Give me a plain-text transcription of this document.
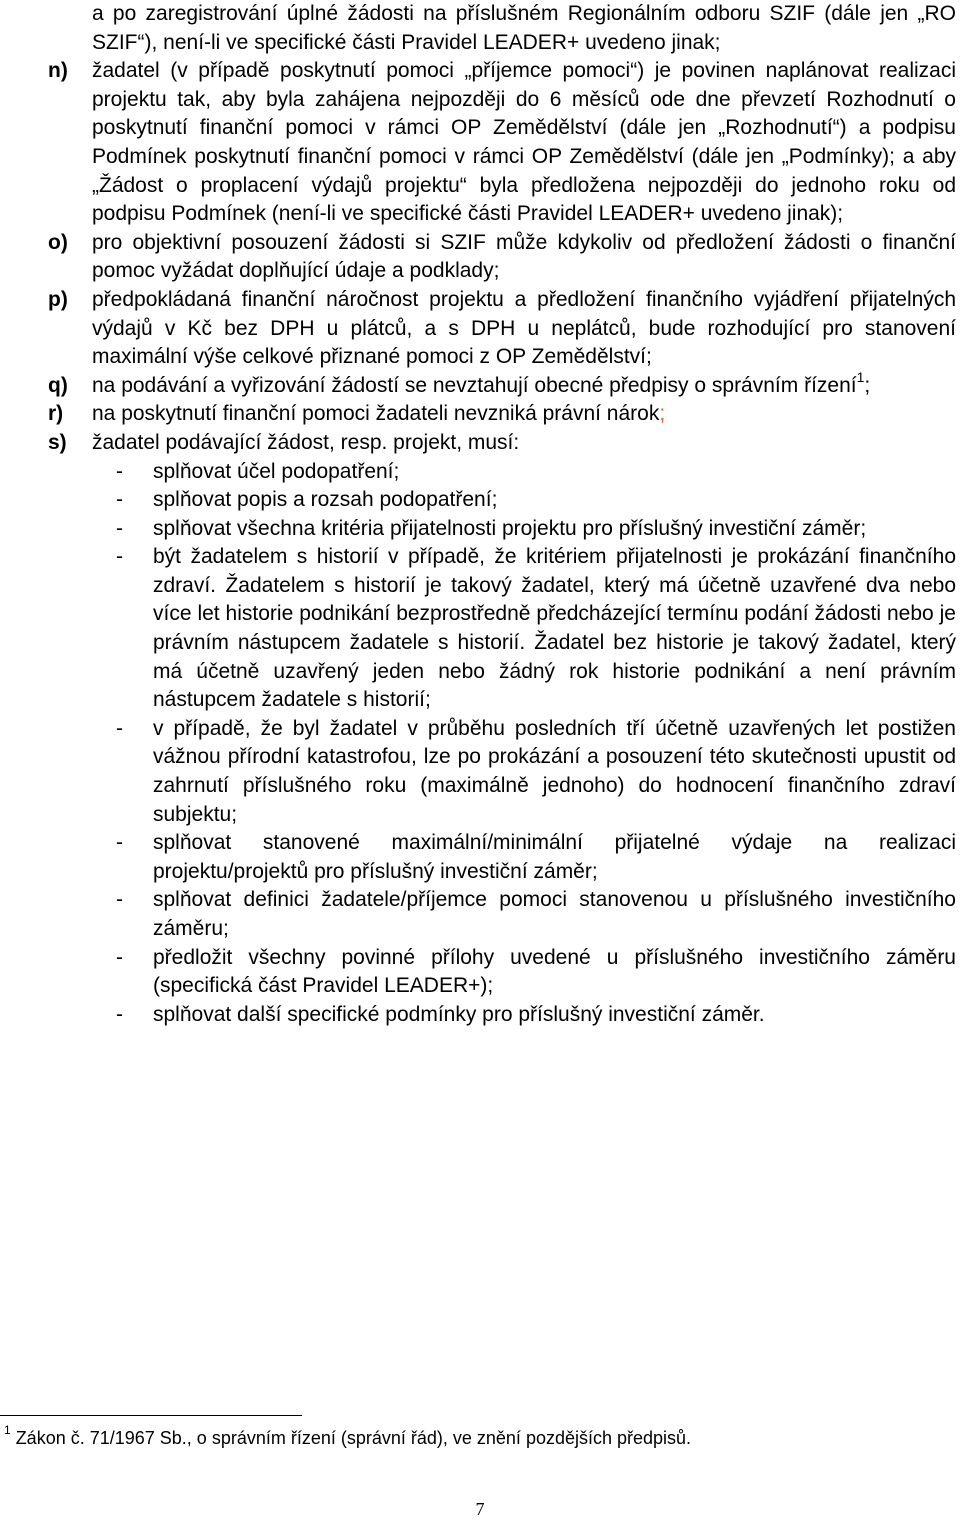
a po zaregistrování úplné žádosti na příslušném Regionálním odboru SZIF (dále jen „RO SZIF“), není-li ve specifické části Pravidel LEADER+ uvedeno jinak;
n) žadatel (v případě poskytnutí pomoci „příjemce pomoci“) je povinen naplánovat realizaci projektu tak, aby byla zahájena nejpozději do 6 měsíců ode dne převzetí Rozhodnutí o poskytnutí finanční pomoci v rámci OP Zemědělství (dále jen „Rozhodnutí“) a podpisu Podmínek poskytnutí finanční pomoci v rámci OP Zemědělství (dále jen „Podmínky); a aby „Žádost o proplacení výdajů projektu“ byla předložena nejpozději do jednoho roku od podpisu Podmínek (není-li ve specifické části Pravidel LEADER+ uvedeno jinak);
o) pro objektivní posouzení žádosti si SZIF může kdykoliv od předložení žádosti o finanční pomoc vyžádat doplňující údaje a podklady;
p) předpokládaná finanční náročnost projektu a předložení finančního vyjádření přijatelných výdajů v Kč bez DPH u plátců, a s DPH u neplátců, bude rozhodující pro stanovení maximální výše celkové přiznané pomoci z OP Zemědělství;
q) na podávání a vyřizování žádostí se nevztahují obecné předpisy o správním řízení$^1$;
r) na poskytnutí finanční pomoci žadateli nevzniká právní nárok;
s) žadatel podávající žádost, resp. projekt, musí:
- splňovat účel podopatření;
- splňovat popis a rozsah podopatření;
- splňovat všechna kritéria přijatelnosti projektu pro příslušný investiční záměr;
- být žadatelem s historií v případě, že kritériem přijatelnosti je prokázání finančního zdraví. Žadatelem s historií je takový žadatel, který má účetně uzavřené dva nebo více let historie podnikání bezprostředně předcházející termínu podání žádosti nebo je právním nástupcem žadatele s historií. Žadatel bez historie je takový žadatel, který má účetně uzavřený jeden nebo žádný rok historie podnikání a není právním nástupcem žadatele s historií;
- v případě, že byl žadatel v průběhu posledních tří účetně uzavřených let postižen vážnou přírodní katastrofou, lze po prokázání a posouzení této skutečnosti upustit od zahrnutí příslušného roku (maximálně jednoho) do hodnocení finančního zdraví subjektu;
- splňovat stanovené maximální/minimální přijatelné výdaje na realizaci projektu/projektů pro příslušný investiční záměr;
- splňovat definici žadatele/příjemce pomoci stanovenou u příslušného investičního záměru;
- předložit všechny povinné přílohy uvedené u příslušného investičního záměru (specifická část Pravidel LEADER+);
- splňovat další specifické podmínky pro příslušný investiční záměr.
$^1$ Zákon č. 71/1967 Sb., o správním řízení (správní řád), ve znění pozdějších předpisů.
7
